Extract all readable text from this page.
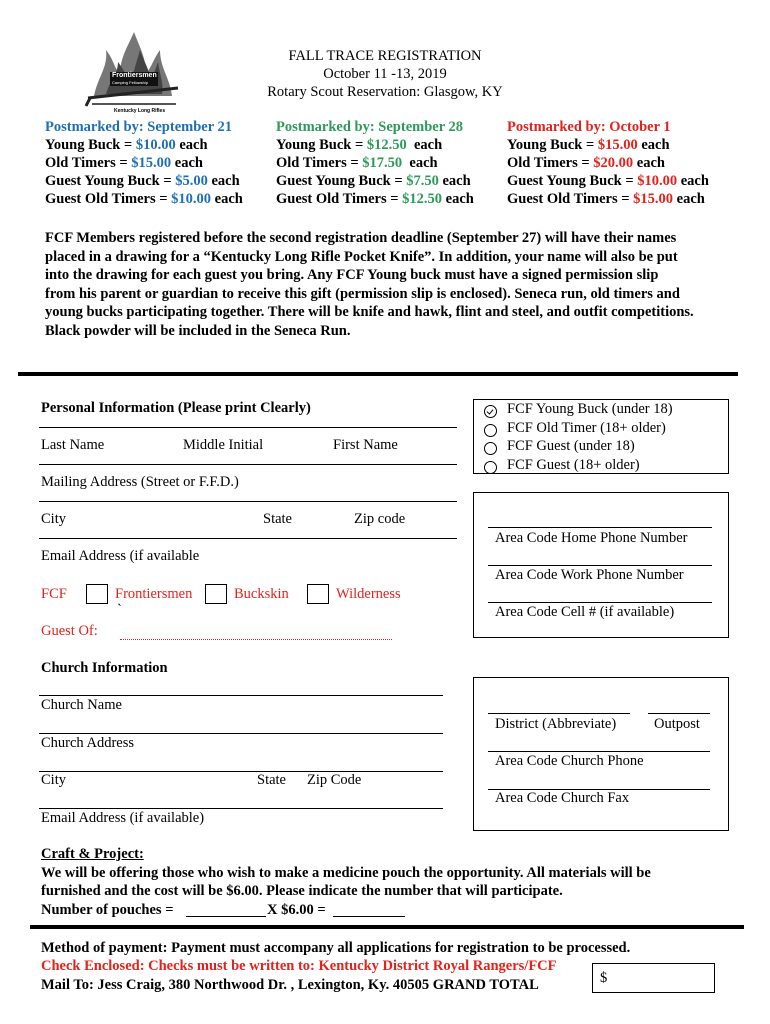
Frontiersmen
Camping Fellowship
Kentucky Long Rifles
FALL TRACE REGISTRATION
October 11 -13, 2019
Rotary Scout Reservation: Glasgow, KY
Postmarked by: September 21
Young Buck = $10.00 each
Old Timers = $15.00 each
Guest Young Buck = $5.00 each
Guest Old Timers = $10.00 each
Postmarked by: September 28
Young Buck = $12.50  each
Old Timers = $17.50  each
Guest Young Buck = $7.50 each
Guest Old Timers = $12.50 each
Postmarked by: October 1
Young Buck = $15.00 each
Old Timers = $20.00 each
Guest Young Buck = $10.00 each
Guest Old Timers = $15.00 each
FCF Members registered before the second registration deadline (September 27) will have their names
placed in a drawing for a “Kentucky Long Rifle Pocket Knife”. In addition, your name will also be put
into the drawing for each guest you bring. Any FCF Young buck must have a signed permission slip
from his parent or guardian to receive this gift (permission slip is enclosed). Seneca run, old timers and
young bucks participating together. There will be knife and hawk, flint and steel, and outfit competitions.
Black powder will be included in the Seneca Run.
Personal Information (Please print Clearly)
Last Name	Middle Initial	First Name
Mailing Address (Street or F.F.D.)
City	State	Zip code
Email Address (if available
FCF	Frontiersmen
`
Buckskin	Wilderness
Guest Of:
FCF Young Buck (under 18)
FCF Old Timer (18+ older)
FCF Guest (under 18)
FCF Guest (18+ older)
Area Code Home Phone Number
Area Code Work Phone Number
Area Code Cell # (if available)
Church Information
Church Name
Church Address
City	State Zip Code
Email Address (if available)
District (Abbreviate)	Outpost
Area Code Church Phone
Area Code Church Fax
Craft & Project:
We will be offering those who wish to make a medicine pouch the opportunity. All materials will be
furnished and the cost will be $6.00. Please indicate the number that will participate.
Number of pouches =	X $6.00 =
Method of payment: Payment must accompany all applications for registration to be processed.
Check Enclosed: Checks must be written to: Kentucky District Royal Rangers/FCF
Mail To: Jess Craig, 380 Northwood Dr. , Lexington, Ky. 40505 GRAND TOTAL	$
